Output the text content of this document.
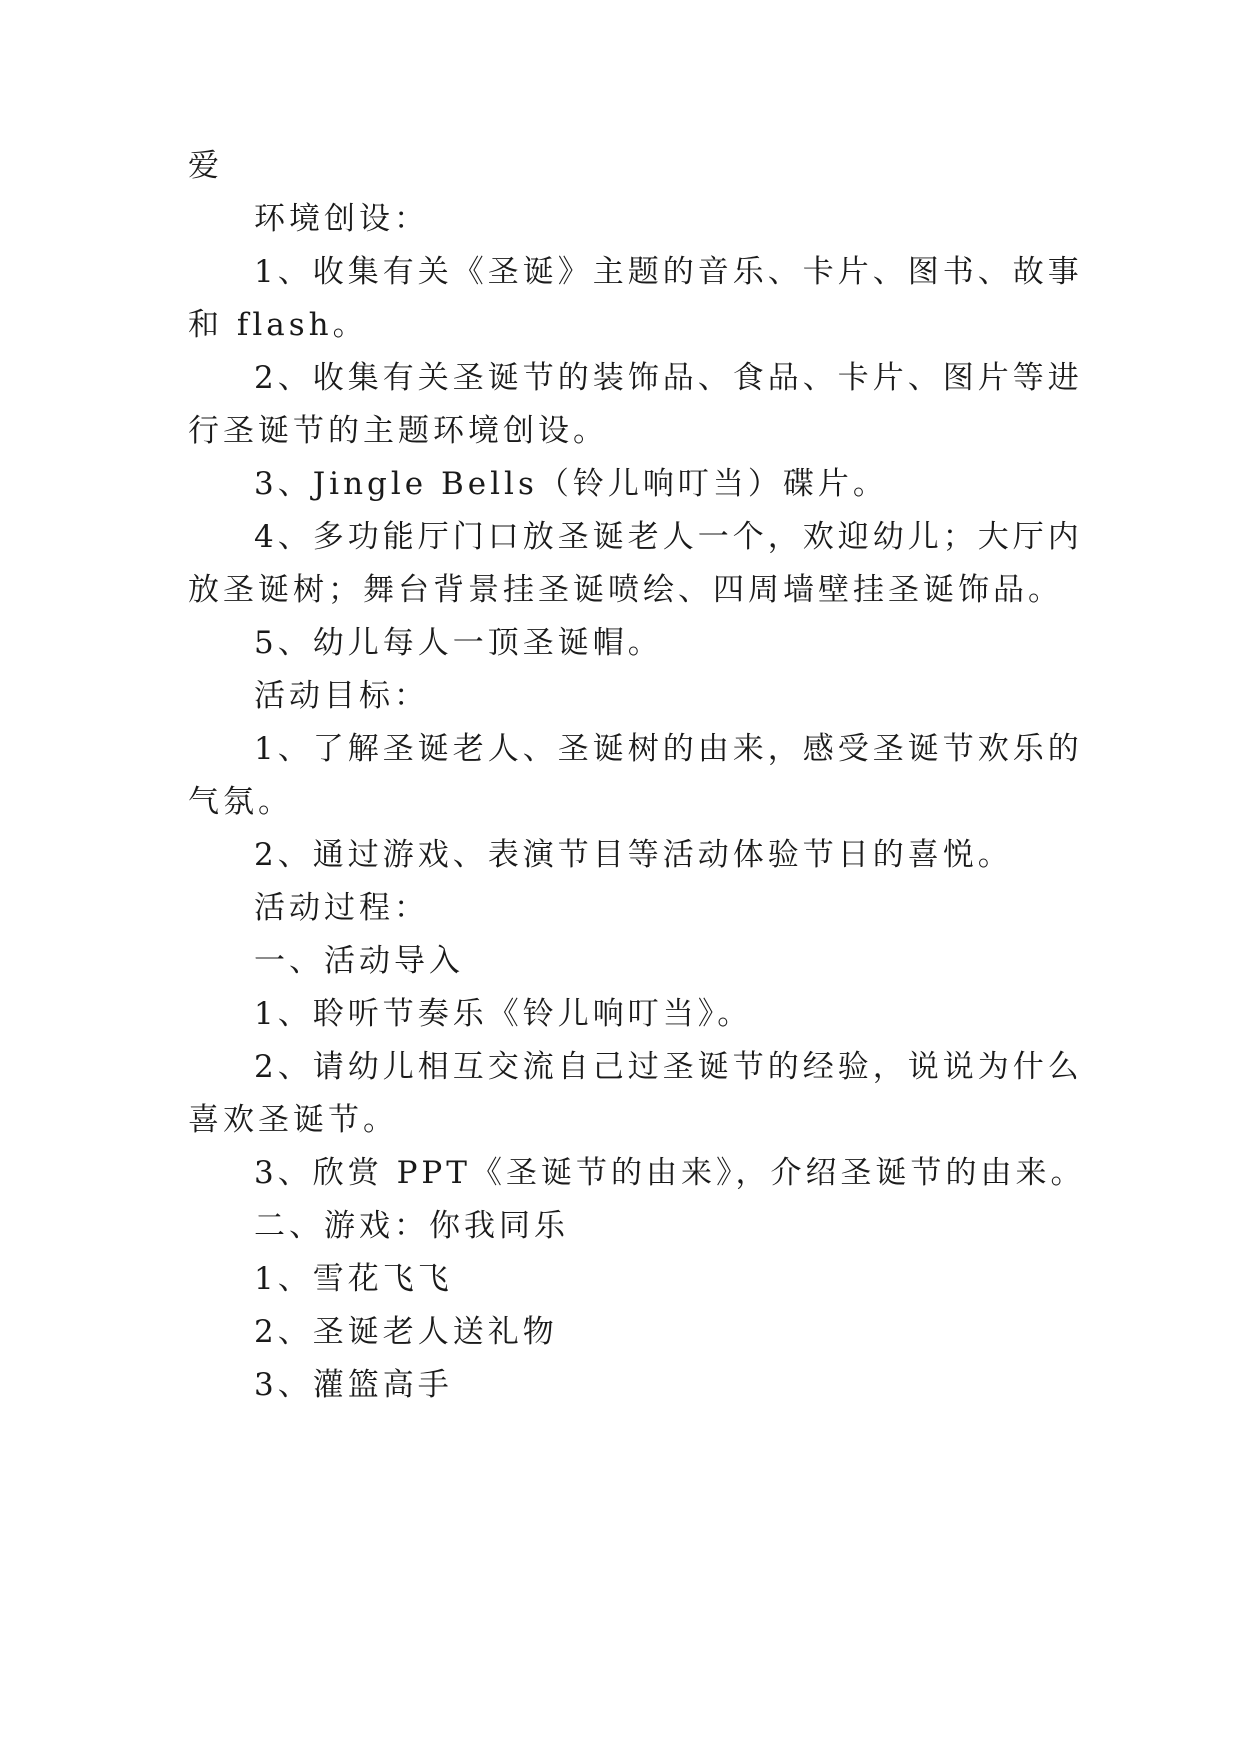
爱
环境创设：
1、收集有关《圣诞》主题的音乐、卡片、图书、故事
和 flash。
2、收集有关圣诞节的装饰品、食品、卡片、图片等进
行圣诞节的主题环境创设。
3、Jingle Bells（铃儿响叮当）碟片。
4、多功能厅门口放圣诞老人一个，欢迎幼儿；大厅内
放圣诞树；舞台背景挂圣诞喷绘、四周墙壁挂圣诞饰品。
5、幼儿每人一顶圣诞帽。
活动目标：
1、了解圣诞老人、圣诞树的由来，感受圣诞节欢乐的
气氛。
2、通过游戏、表演节目等活动体验节日的喜悦。
活动过程：
一、活动导入
1、聆听节奏乐《铃儿响叮当》。
2、请幼儿相互交流自己过圣诞节的经验，说说为什么
喜欢圣诞节。
3、欣赏 PPT《圣诞节的由来》，介绍圣诞节的由来。
二、游戏：你我同乐
1、雪花飞飞
2、圣诞老人送礼物
3、灌篮高手
